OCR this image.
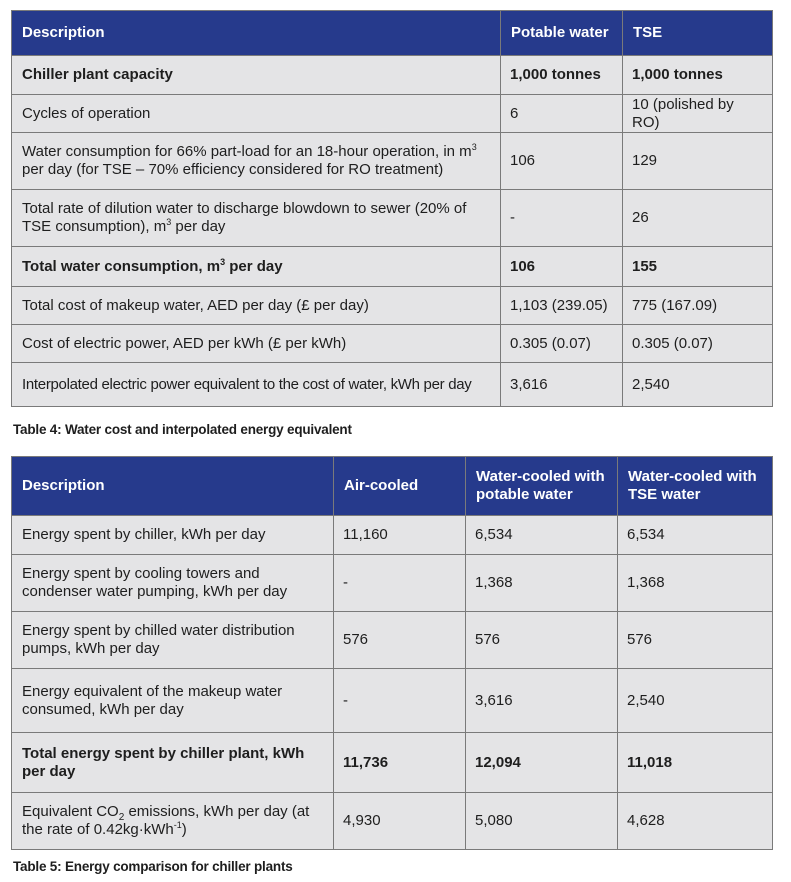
Description	Potable water	TSE
Chiller plant capacity	1,000 tonnes	1,000 tonnes
Cycles of operation	6	10 (polished by RO)
Water consumption for 66% part-load for an 18-hour operation, in $m^3$ per day (for TSE – 70% efficiency considered for RO treatment)	106	129
Total rate of dilution water to discharge blowdown to sewer (20% of TSE consumption), $m^3$ per day	-	26
Total water consumption, $m^3$ per day	106	155
Total cost of makeup water, AED per day (£ per day)	1,103 (239.05)	775 (167.09)
Cost of electric power, AED per kWh (£ per kWh)	0.305 (0.07)	0.305 (0.07)
Interpolated electric power equivalent to the cost of water, kWh per day	3,616	2,540
Table 4: Water cost and interpolated energy equivalent
Description	Air-cooled	Water-cooled with potable water	Water-cooled with TSE water
Energy spent by chiller, kWh per day	11,160	6,534	6,534
Energy spent by cooling towers and condenser water pumping, kWh per day	-	1,368	1,368
Energy spent by chilled water distribution pumps, kWh per day	576	576	576
Energy equivalent of the makeup water consumed, kWh per day	-	3,616	2,540
Total energy spent by chiller plant, kWh per day	11,736	12,094	11,018
Equivalent $CO_2$ emissions, kWh per day (at the rate of 0.42kg·kWh$^{-1}$)	4,930	5,080	4,628
Table 5: Energy comparison for chiller plants
